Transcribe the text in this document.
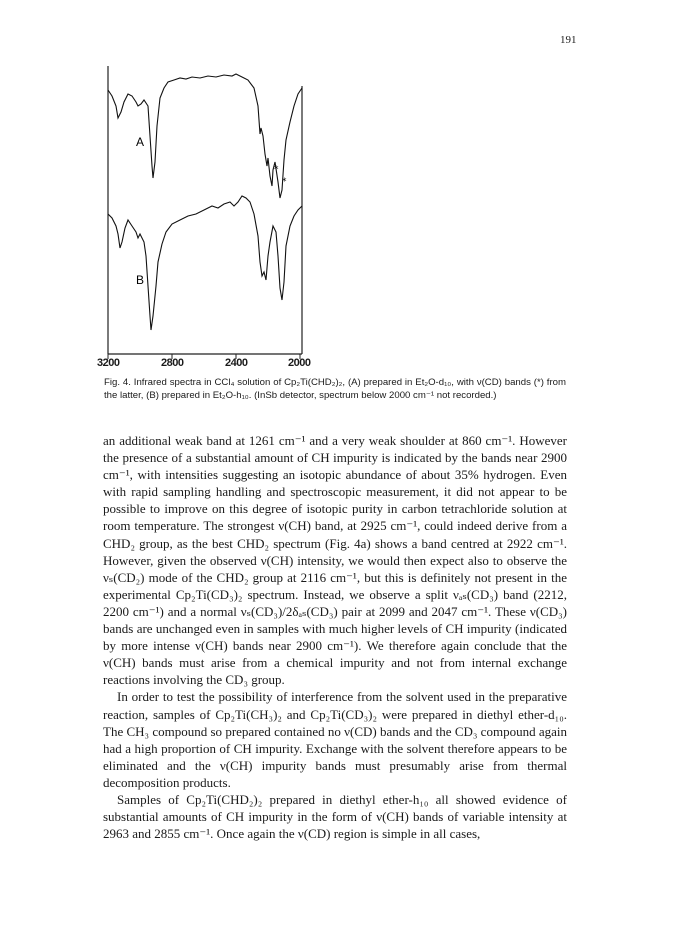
191
*
*
A
B
3200	2800	2400	2000
Fig. 4. Infrared spectra in CCl₄ solution of Cp₂Ti(CHD₂)₂, (A) prepared in Et₂O-d₁₀, with ν(CD) bands (*) from the latter, (B) prepared in Et₂O-h₁₀. (InSb detector, spectrum below 2000 cm⁻¹ not recorded.)

an additional weak band at 1261 cm⁻¹ and a very weak shoulder at 860 cm⁻¹. However the presence of a substantial amount of CH impurity is indicated by the bands near 2900 cm⁻¹, with intensities suggesting an isotopic abundance of about 35% hydrogen. Even with rapid sampling handling and spectroscopic measurement, it did not appear to be possible to improve on this degree of isotopic purity in carbon tetrachloride solution at room temperature. The strongest ν(CH) band, at 2925 cm⁻¹, could indeed derive from a CHD₂ group, as the best CHD₂ spectrum (Fig. 4a) shows a band centred at 2922 cm⁻¹. However, given the observed ν(CH) intensity, we would then expect also to observe the νₛ(CD₂) mode of the CHD₂ group at 2116 cm⁻¹, but this is definitely not present in the experimental Cp₂Ti(CD₃)₂ spectrum. Instead, we observe a split νₐₛ(CD₃) band (2212, 2200 cm⁻¹) and a normal νₛ(CD₃)/2δₐₛ(CD₃) pair at 2099 and 2047 cm⁻¹. These ν(CD₃) bands are unchanged even in samples with much higher levels of CH impurity (indicated by more intense ν(CH) bands near 2900 cm⁻¹). We therefore again conclude that the ν(CH) bands must arise from a chemical impurity and not from internal exchange reactions involving the CD₃ group.

In order to test the possibility of interference from the solvent used in the preparative reaction, samples of Cp₂Ti(CH₃)₂ and Cp₂Ti(CD₃)₂ were prepared in diethyl ether-d₁₀. The CH₃ compound so prepared contained no ν(CD) bands and the CD₃ compound again had a high proportion of CH impurity. Exchange with the solvent therefore appears to be eliminated and the ν(CH) impurity bands must presumably arise from thermal decomposition products.

Samples of Cp₂Ti(CHD₂)₂ prepared in diethyl ether-h₁₀ all showed evidence of substantial amounts of CH impurity in the form of ν(CH) bands of variable intensity at 2963 and 2855 cm⁻¹. Once again the ν(CD) region is simple in all cases,
